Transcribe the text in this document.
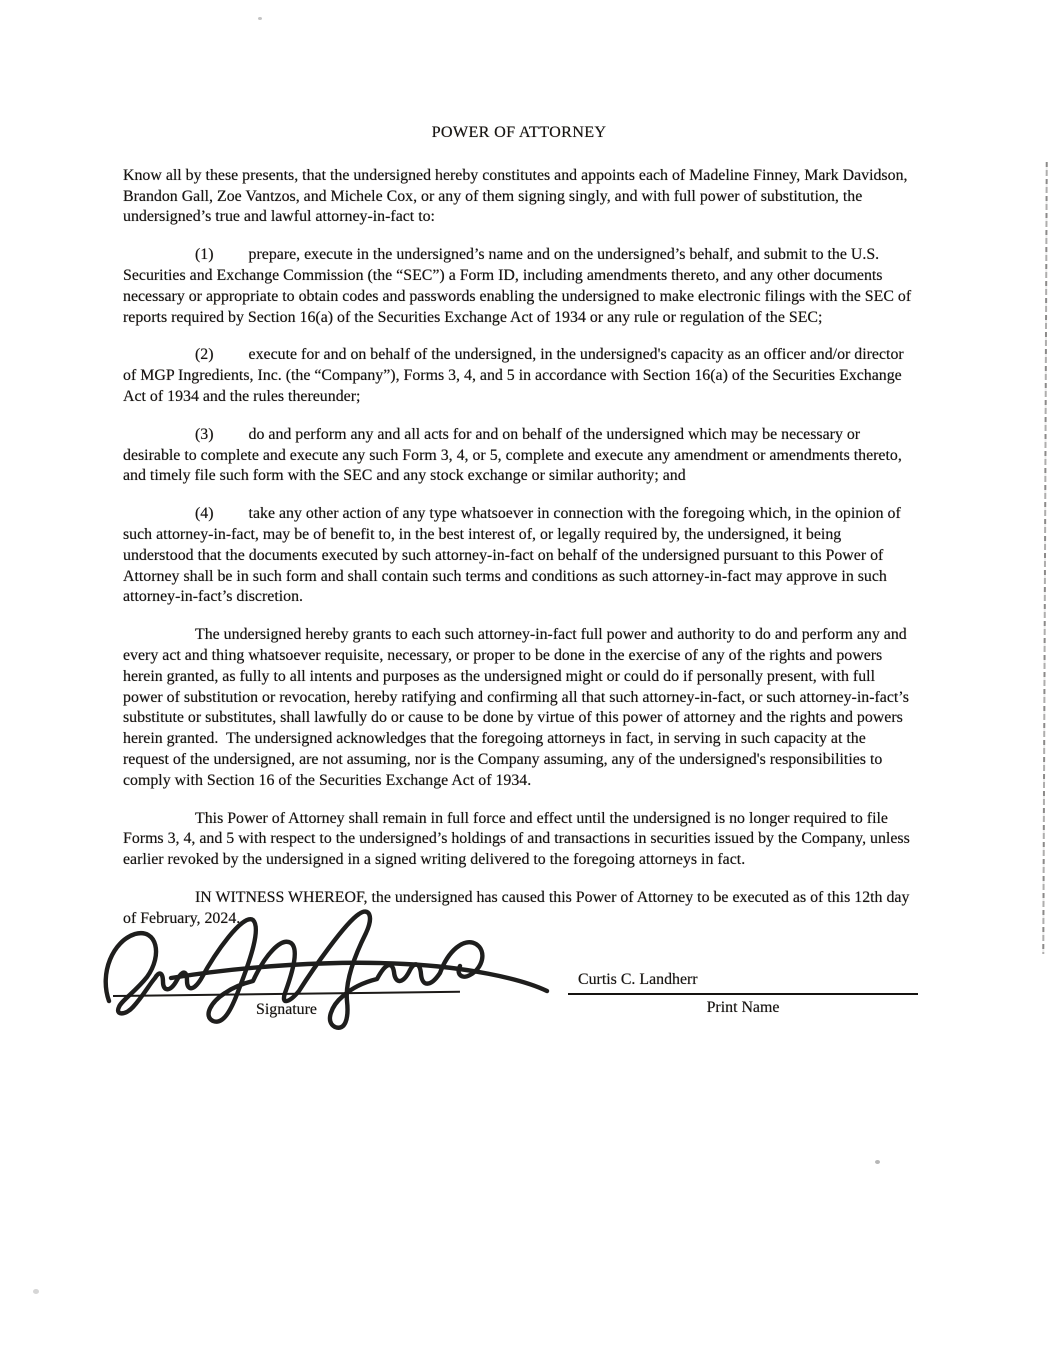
POWER OF ATTORNEY

Know all by these presents, that the undersigned hereby constitutes and appoints each of Madeline Finney, Mark Davidson, Brandon Gall, Zoe Vantzos, and Michele Cox, or any of them signing singly, and with full power of substitution, the undersigned’s true and lawful attorney-in-fact to:

(1) prepare, execute in the undersigned’s name and on the undersigned’s behalf, and submit to the U.S. Securities and Exchange Commission (the “SEC”) a Form ID, including amendments thereto, and any other documents necessary or appropriate to obtain codes and passwords enabling the undersigned to make electronic filings with the SEC of reports required by Section 16(a) of the Securities Exchange Act of 1934 or any rule or regulation of the SEC;

(2) execute for and on behalf of the undersigned, in the undersigned's capacity as an officer and/or director of MGP Ingredients, Inc. (the “Company”), Forms 3, 4, and 5 in accordance with Section 16(a) of the Securities Exchange Act of 1934 and the rules thereunder;

(3) do and perform any and all acts for and on behalf of the undersigned which may be necessary or desirable to complete and execute any such Form 3, 4, or 5, complete and execute any amendment or amendments thereto, and timely file such form with the SEC and any stock exchange or similar authority; and

(4) take any other action of any type whatsoever in connection with the foregoing which, in the opinion of such attorney-in-fact, may be of benefit to, in the best interest of, or legally required by, the undersigned, it being understood that the documents executed by such attorney-in-fact on behalf of the undersigned pursuant to this Power of Attorney shall be in such form and shall contain such terms and conditions as such attorney-in-fact may approve in such attorney-in-fact’s discretion.

The undersigned hereby grants to each such attorney-in-fact full power and authority to do and perform any and every act and thing whatsoever requisite, necessary, or proper to be done in the exercise of any of the rights and powers herein granted, as fully to all intents and purposes as the undersigned might or could do if personally present, with full power of substitution or revocation, hereby ratifying and confirming all that such attorney-in-fact, or such attorney-in-fact’s substitute or substitutes, shall lawfully do or cause to be done by virtue of this power of attorney and the rights and powers herein granted.  The undersigned acknowledges that the foregoing attorneys in fact, in serving in such capacity at the request of the undersigned, are not assuming, nor is the Company assuming, any of the undersigned's responsibilities to comply with Section 16 of the Securities Exchange Act of 1934.

This Power of Attorney shall remain in full force and effect until the undersigned is no longer required to file Forms 3, 4, and 5 with respect to the undersigned’s holdings of and transactions in securities issued by the Company, unless earlier revoked by the undersigned in a signed writing delivered to the foregoing attorneys in fact.

IN WITNESS WHEREOF, the undersigned has caused this Power of Attorney to be executed as of this 12th day of February, 2024.

Signature
Curtis C. Landherr
Print Name
